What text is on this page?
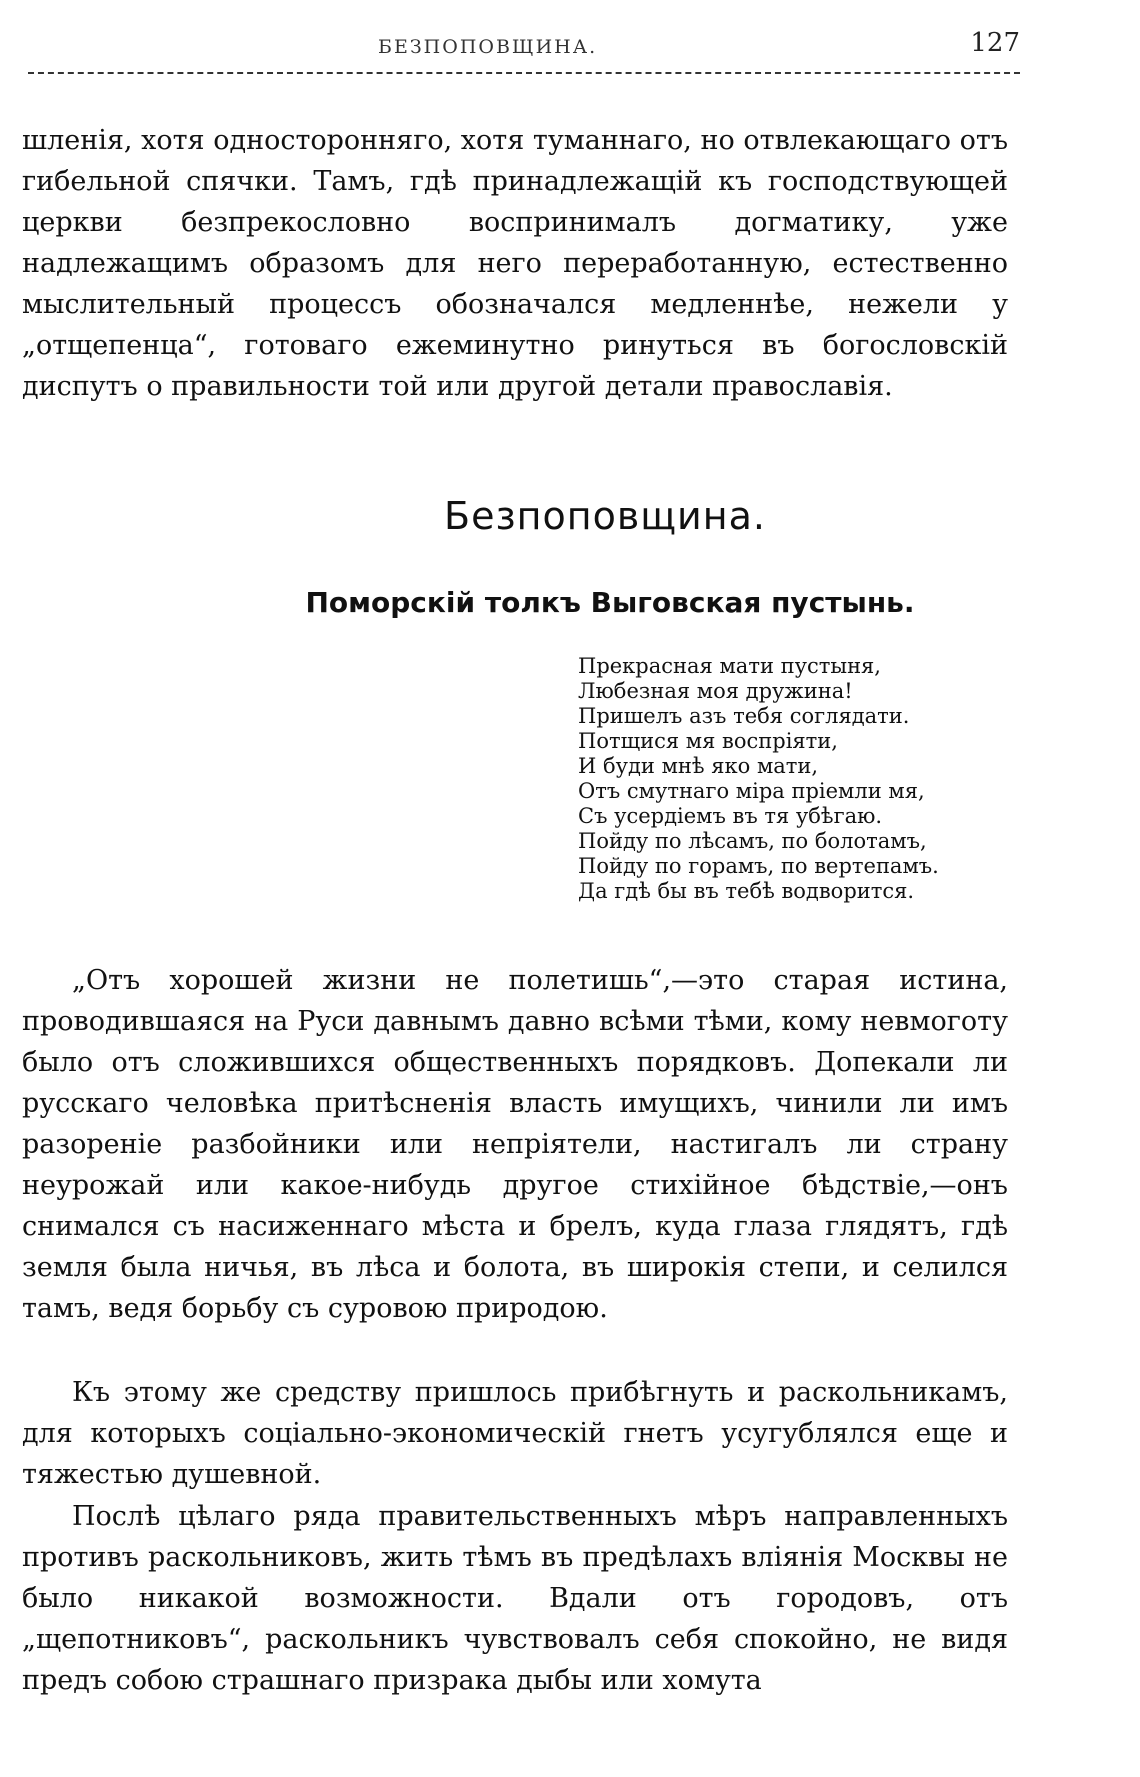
БЕЗПОПОВЩИНА.	127

шленія, хотя односторонняго, хотя туманнаго, но отвлекающаго отъ гибельной спячки. Тамъ, гдѣ принадлежащій къ господствующей церкви безпрекословно воспринималъ догматику, уже надлежащимъ образомъ для него переработанную, естественно мыслительный процессъ обозначался медленнѣе, нежели у „отщепенца“, готоваго ежеминутно ринуться въ богословскій диспутъ о правильности той или другой детали православія.

Безпоповщина.
Поморскій толкъ Выговская пустынь.
Прекрасная мати пустыня,
Любезная моя дружина!
Пришелъ азъ тебя соглядати.
Потщися мя воспріяти,
И буди мнѣ яко мати,
Отъ смутнаго міра пріемли мя,
Съ усердіемъ въ тя убѣгаю.
Пойду по лѣсамъ, по болотамъ,
Пойду по горамъ, по вертепамъ.
Да гдѣ бы въ тебѣ водворится.

„Отъ хорошей жизни не полетишь“,—это старая истина, проводившаяся на Руси давнымъ давно всѣми тѣми, кому невмоготу было отъ сложившихся общественныхъ порядковъ. Допекали ли русскаго человѣка притѣсненія власть имущихъ, чинили ли имъ разореніе разбойники или непріятели, настигалъ ли страну неурожай или какое-нибудь другое стихійное бѣдствіе,—онъ снимался съ насиженнаго мѣста и брелъ, куда глаза глядятъ, гдѣ земля была ничья, въ лѣса и болота, въ широкія степи, и селился тамъ, ведя борьбу съ суровою природою.

Къ этому же средству пришлось прибѣгнуть и раскольникамъ, для которыхъ соціально-экономическій гнетъ усугублялся еще и тяжестью душевной.

Послѣ цѣлаго ряда правительственныхъ мѣръ направленныхъ противъ раскольниковъ, жить тѣмъ въ предѣлахъ вліянія Москвы не было никакой возможности. Вдали отъ городовъ, отъ „щепотниковъ“, раскольникъ чувствовалъ себя спокойно, не видя предъ собою страшнаго призрака дыбы или хомута
